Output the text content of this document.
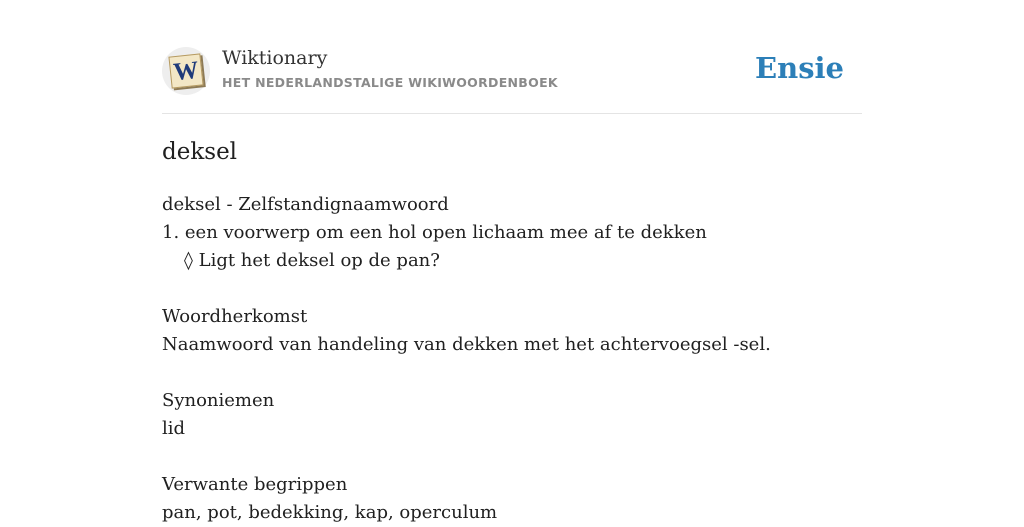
W Wiktionary
HET NEDERLANDSTALIGE WIKIWOORDENBOEK	Ensie
deksel
deksel - Zelfstandignaamwoord
1. een voorwerp om een hol open lichaam mee af te dekken
◊ Ligt het deksel op de pan?
Woordherkomst
Naamwoord van handeling van dekken met het achtervoegsel -sel.
Synoniemen
lid
Verwante begrippen
pan, pot, bedekking, kap, operculum
